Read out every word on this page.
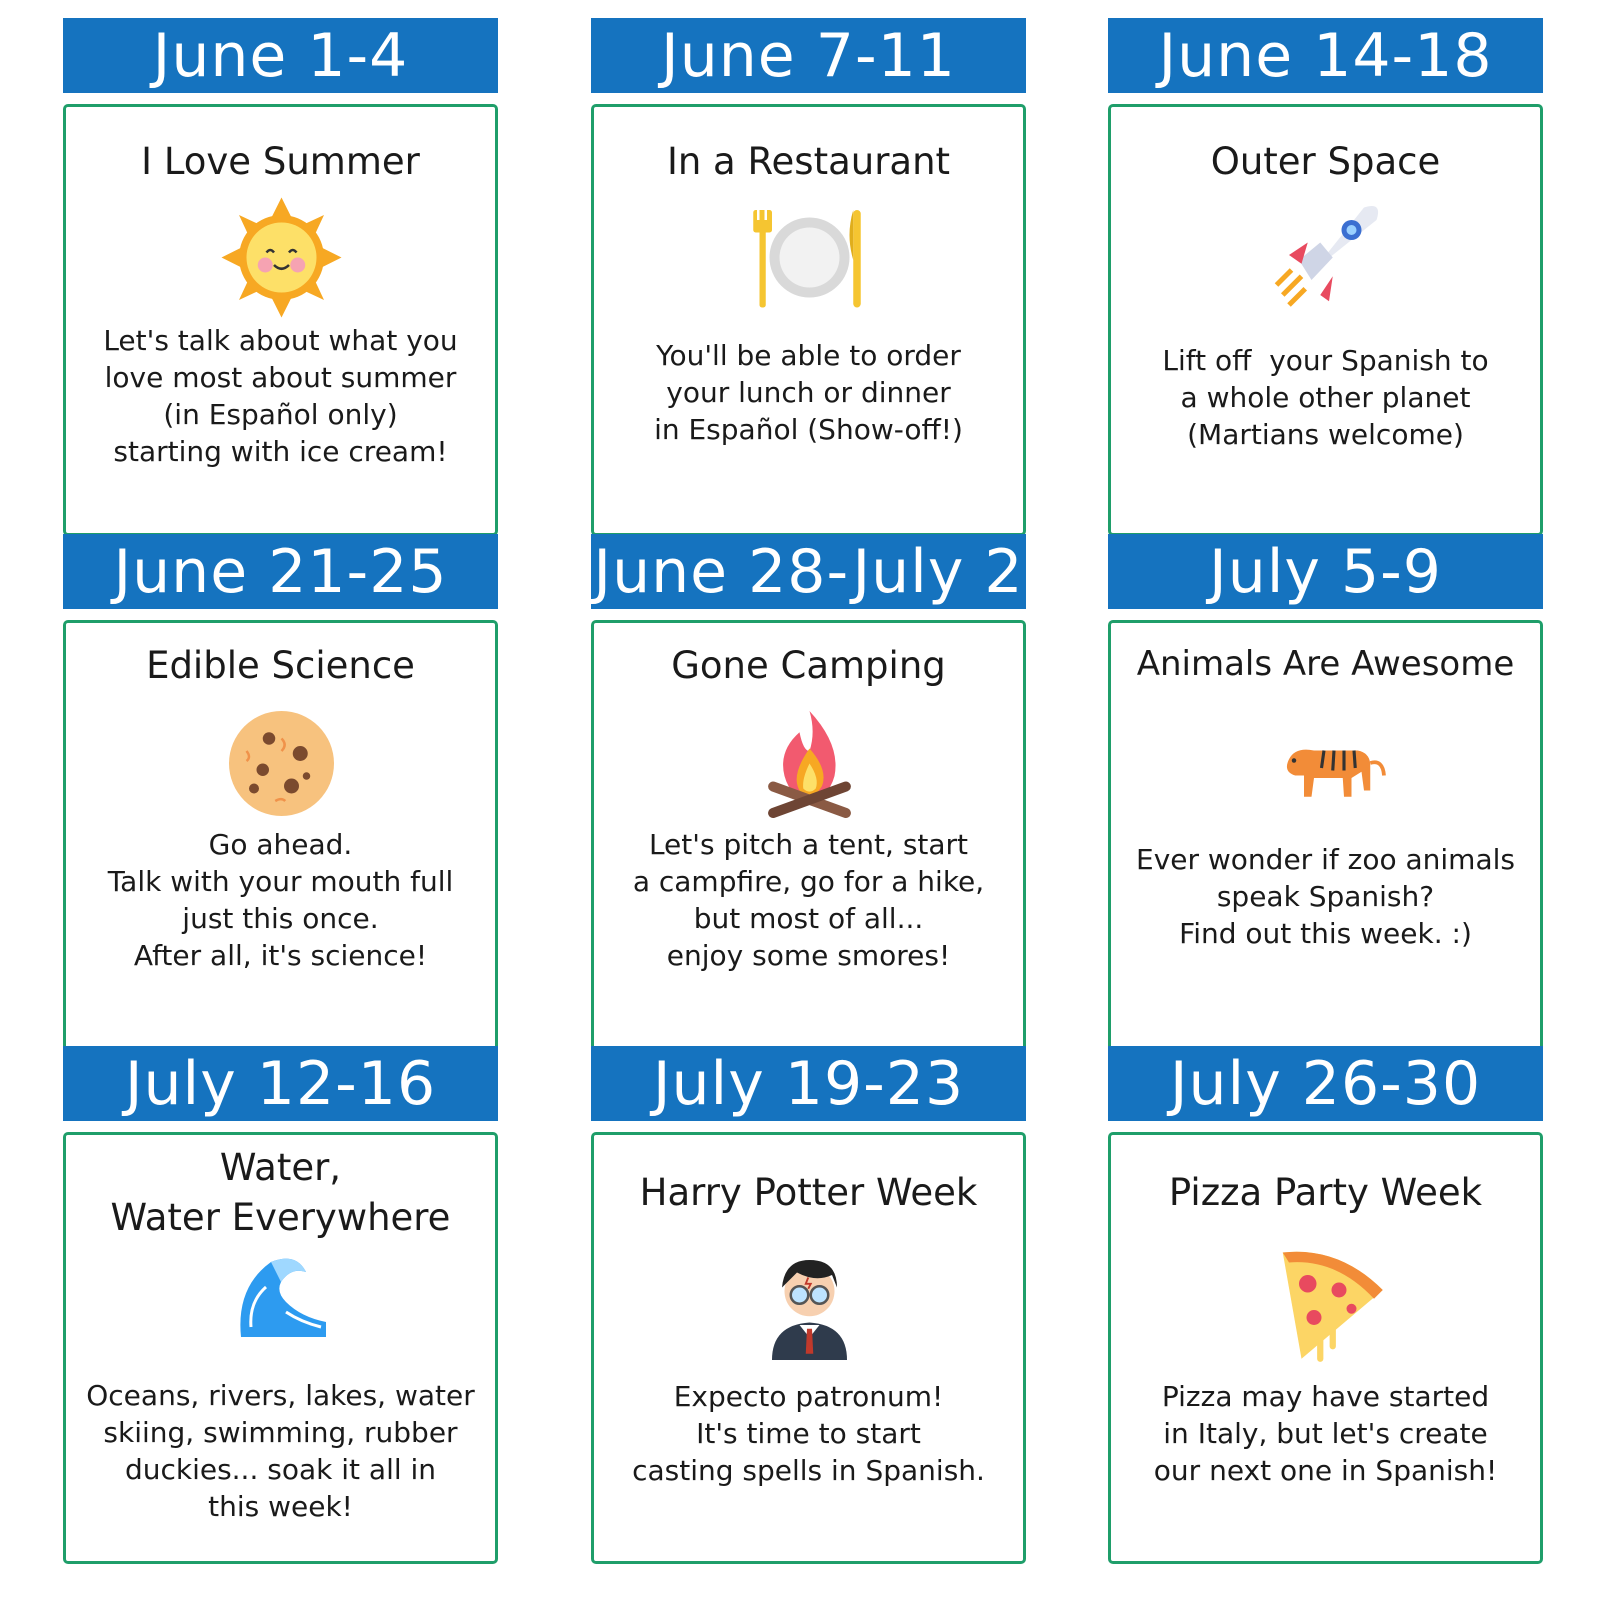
June 1-4
I Love Summer
Let's talk about what you
love most about summer
(in Español only)
starting with ice cream!
June 7-11
In a Restaurant
You'll be able to order
your lunch or dinner
in Español (Show-off!)
June 14-18
Outer Space
Lift off  your Spanish to
a whole other planet
(Martians welcome)
June 21-25
Edible Science
Go ahead.
Talk with your mouth full
just this once.
After all, it's science!
June 28-July 2
Gone Camping
Let's pitch a tent, start
a campfire, go for a hike,
but most of all...
enjoy some smores!
July 5-9
Animals Are Awesome
Ever wonder if zoo animals
speak Spanish?
Find out this week. :)
July 12-16
Water,
Water Everywhere
Oceans, rivers, lakes, water
skiing, swimming, rubber
duckies... soak it all in
this week!
July 19-23
Harry Potter Week
Expecto patronum!
It's time to start
casting spells in Spanish.
July 26-30
Pizza Party Week
Pizza may have started
in Italy, but let's create
our next one in Spanish!
